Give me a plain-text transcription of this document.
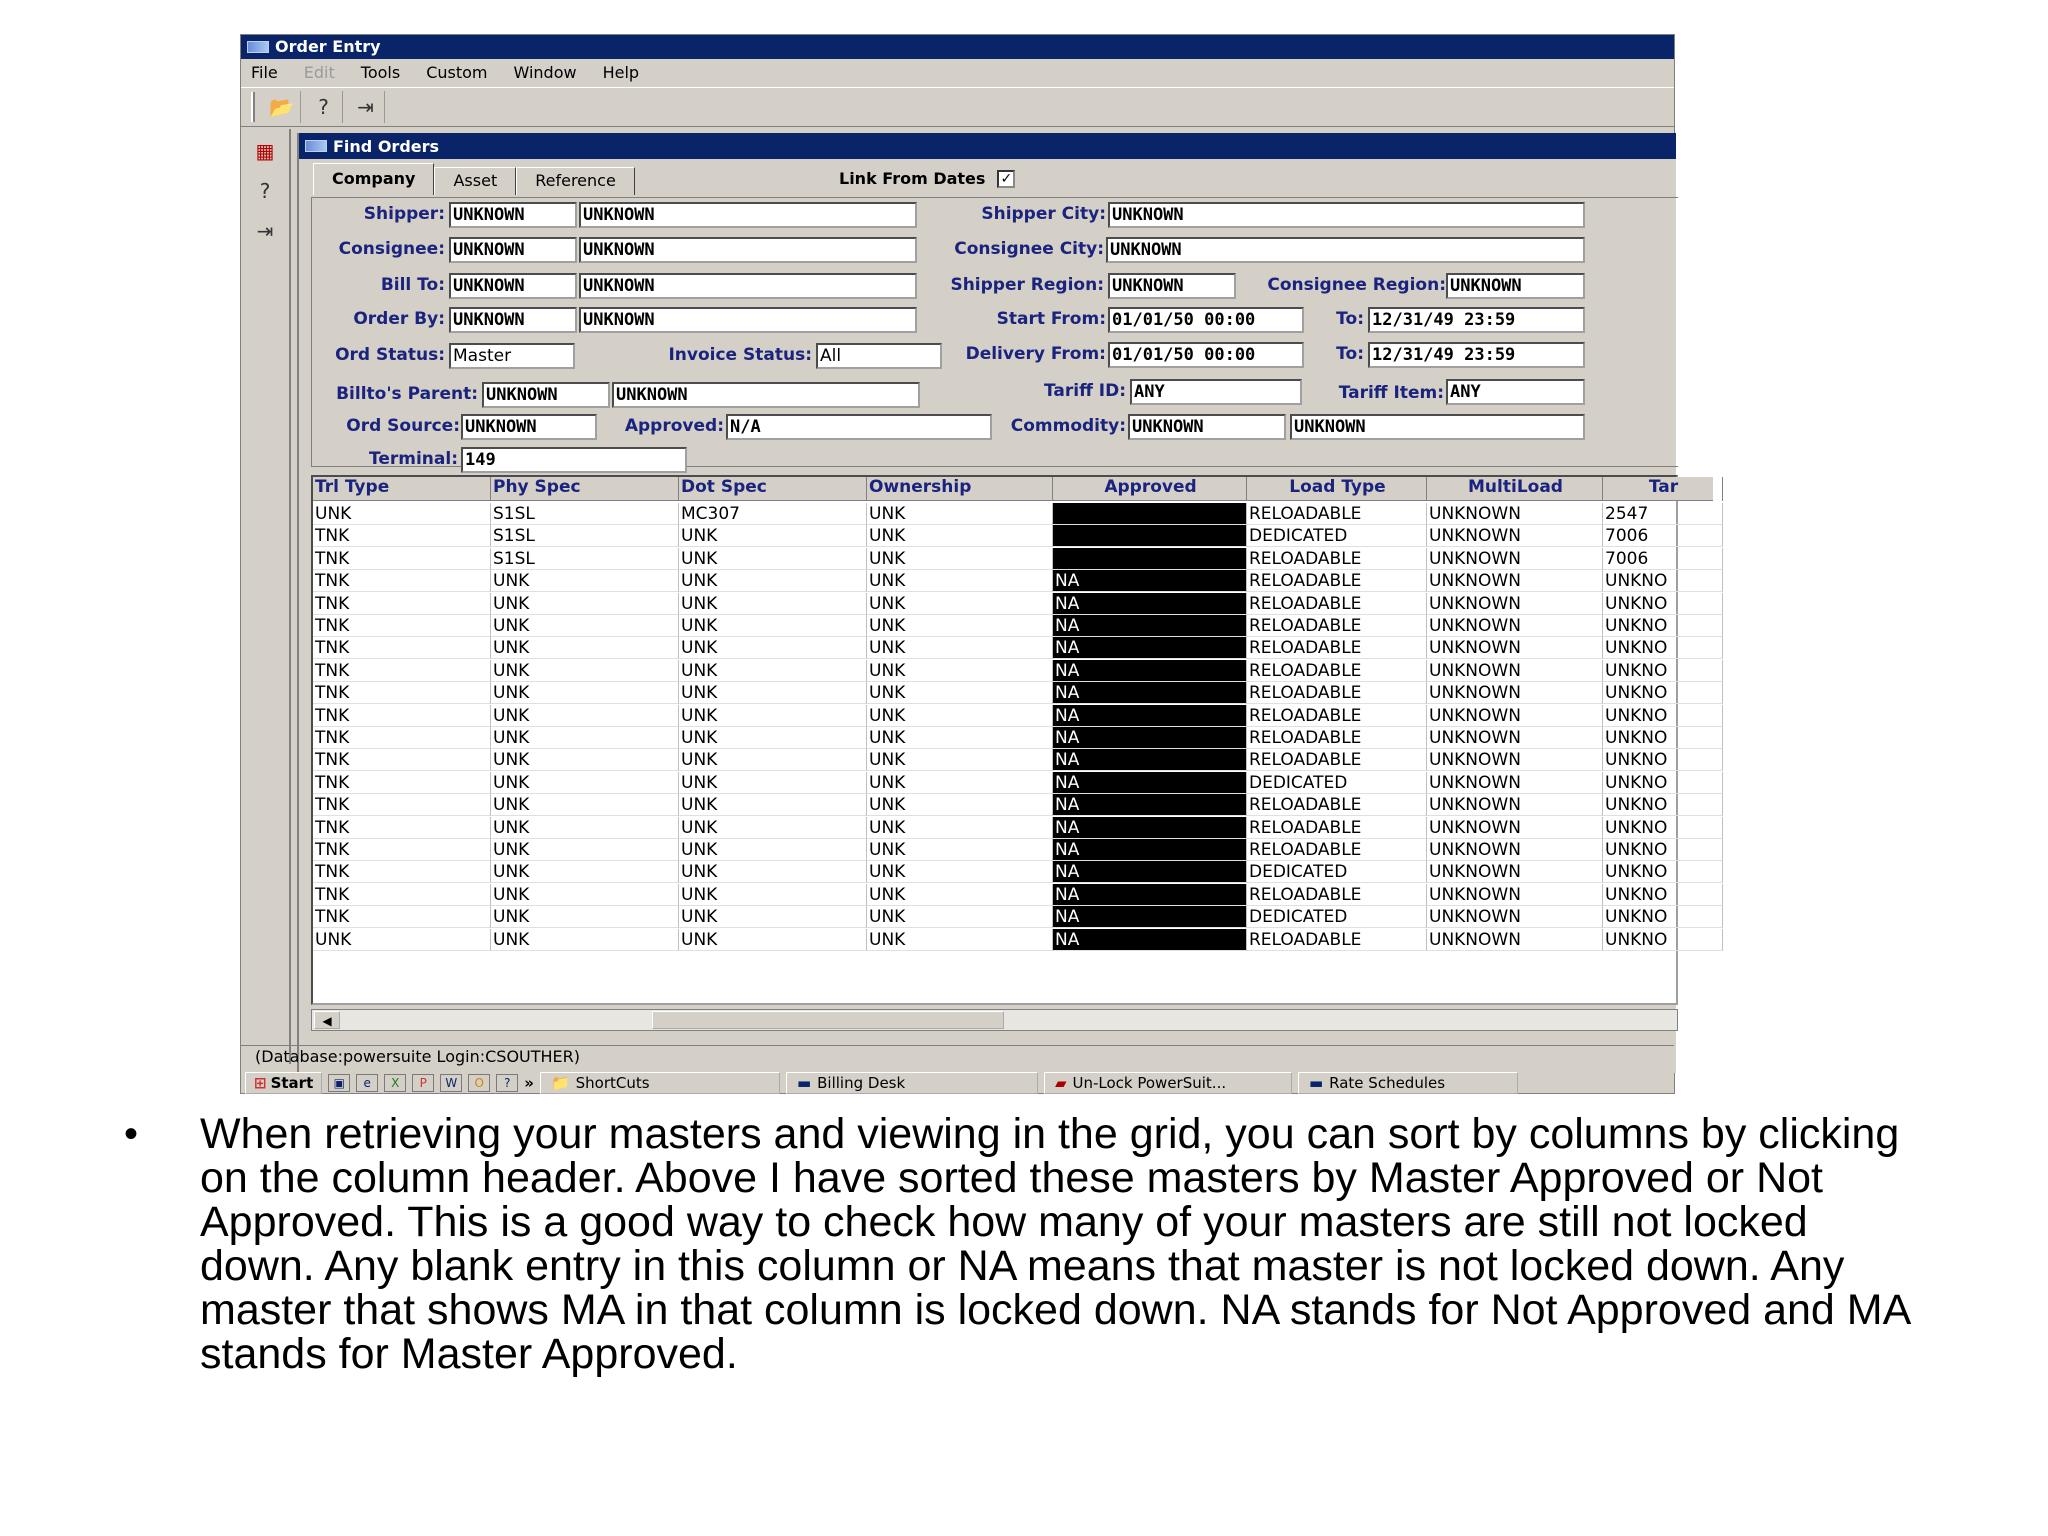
Order Entry
File Edit Tools Custom Window Help
📂	?	⇥
▦
?
⇥
Find Orders
Company	Asset	Reference	Link From Dates ✓
Shipper: UNKNOWN	UNKNOWN
Consignee: UNKNOWN	UNKNOWN
Bill To: UNKNOWN	UNKNOWN
Order By: UNKNOWN	UNKNOWN
Ord Status: Master	Invoice Status: All
Billto's Parent: UNKNOWN	UNKNOWN
Ord Source: UNKNOWN	Approved: N/A
Terminal: 149
Shipper City: UNKNOWN
Consignee City: UNKNOWN
Shipper Region: UNKNOWN	Consignee Region: UNKNOWN
Start From: 01/01/50 00:00	To: 12/31/49 23:59
Delivery From: 01/01/50 00:00	To: 12/31/49 23:59
Tariff ID: ANY	Tariff Item: ANY
Commodity: UNKNOWN	UNKNOWN
Trl Type	Phy Spec	Dot Spec	Ownership	Approved	Load Type	MultiLoad	Tar
UNK	S1SL	MC307	UNK	RELOADABLE	UNKNOWN	2547
TNK	S1SL	UNK	UNK	DEDICATED	UNKNOWN	7006
TNK	S1SL	UNK	UNK	RELOADABLE	UNKNOWN	7006
TNK	UNK	UNK	UNK	NA	RELOADABLE	UNKNOWN	UNKNO
TNK	UNK	UNK	UNK	NA	RELOADABLE	UNKNOWN	UNKNO
TNK	UNK	UNK	UNK	NA	RELOADABLE	UNKNOWN	UNKNO
TNK	UNK	UNK	UNK	NA	RELOADABLE	UNKNOWN	UNKNO
TNK	UNK	UNK	UNK	NA	RELOADABLE	UNKNOWN	UNKNO
TNK	UNK	UNK	UNK	NA	RELOADABLE	UNKNOWN	UNKNO
TNK	UNK	UNK	UNK	NA	RELOADABLE	UNKNOWN	UNKNO
TNK	UNK	UNK	UNK	NA	RELOADABLE	UNKNOWN	UNKNO
TNK	UNK	UNK	UNK	NA	RELOADABLE	UNKNOWN	UNKNO
TNK	UNK	UNK	UNK	NA	DEDICATED	UNKNOWN	UNKNO
TNK	UNK	UNK	UNK	NA	RELOADABLE	UNKNOWN	UNKNO
TNK	UNK	UNK	UNK	NA	RELOADABLE	UNKNOWN	UNKNO
TNK	UNK	UNK	UNK	NA	RELOADABLE	UNKNOWN	UNKNO
TNK	UNK	UNK	UNK	NA	DEDICATED	UNKNOWN	UNKNO
TNK	UNK	UNK	UNK	NA	RELOADABLE	UNKNOWN	UNKNO
TNK	UNK	UNK	UNK	NA	DEDICATED	UNKNOWN	UNKNO
UNK	UNK	UNK	UNK	NA	RELOADABLE	UNKNOWN	UNKNO
◀
(Database:powersuite Login:CSOUTHER)
⊞ Start	▣	e	X	P	W	O	? » 📁 ShortCuts	▬ Billing Desk	▰ Un-Lock PowerSuit...	▬ Rate Schedules
• When retrieving your masters and viewing in the grid, you can sort by columns by clicking on the column header. Above I have sorted these masters by Master Approved or Not Approved. This is a good way to check how many of your masters are still not locked down. Any blank entry in this column or NA means that master is not locked down. Any master that shows MA in that column is locked down. NA stands for Not Approved and MA stands for Master Approved.
